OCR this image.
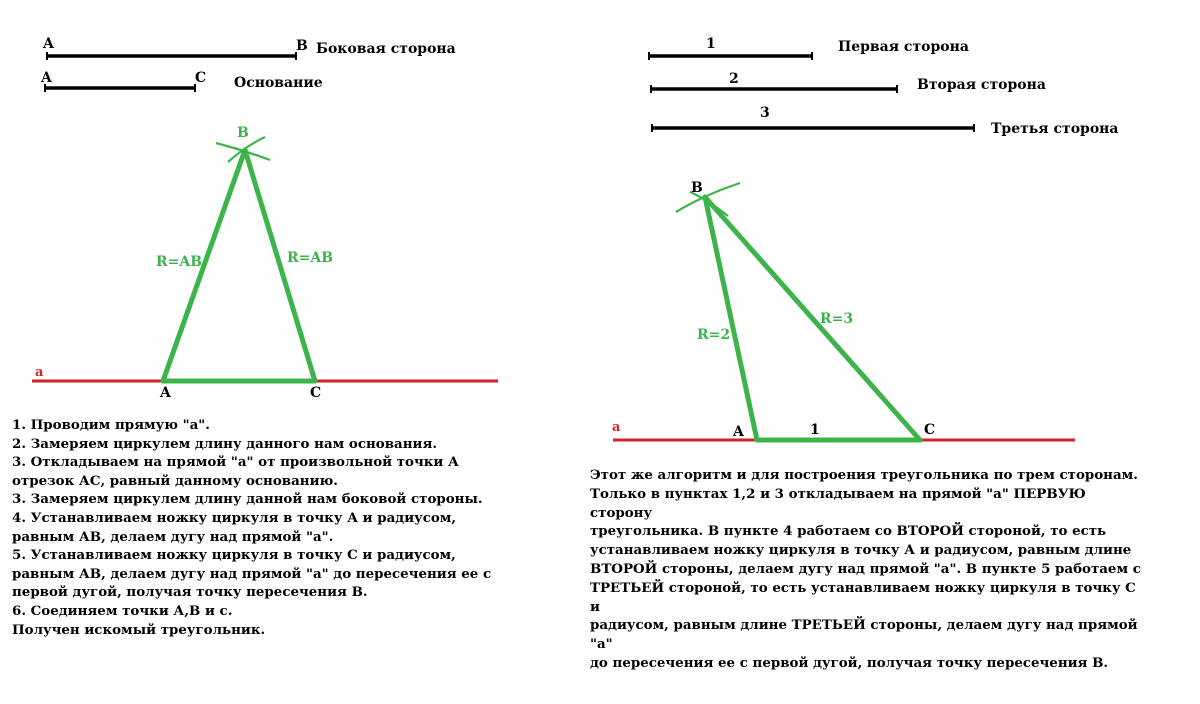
A	B Боковая сторона
A	C Основание
B
R=AB	R=AB
a
A	C
1. Проводим прямую "а".
2. Замеряем циркулем длину данного нам основания.
3. Откладываем на прямой "а" от произвольной точки А отрезок АС, равный данному основанию.
3. Замеряем циркулем длину данной нам боковой стороны.
4. Устанавливаем ножку циркуля в точку А и радиусом, равным АВ, делаем дугу над прямой "а".
5. Устанавливаем ножку циркуля в точку С и радиусом, равным АВ, делаем дугу над прямой "а" до пересечения ее с первой дугой, получая точку пересечения В.
6. Соединяем точки А,В и с.
Получен искомый треугольник.
1	Первая сторона
2	Вторая сторона
3
Третья сторона
B
R=2
R=3
a	A	1	C
Этот же алгоритм и для построения треугольника по трем сторонам.
Только в пунктах 1,2 и 3 откладываем на прямой "а" ПЕРВУЮ сторону
треугольника. В пункте 4 работаем со ВТОРОЙ стороной, то есть
устанавливаем ножку циркуля в точку А и радиусом, равным длине
ВТОРОЙ стороны, делаем дугу над прямой "а". В пункте 5 работаем с
ТРЕТЬЕЙ стороной, то есть устанавливаем ножку циркуля в точку С и
радиусом, равным длине ТРЕТЬЕЙ стороны, делаем дугу над прямой "а"
до пересечения ее с первой дугой, получая точку пересечения В.
